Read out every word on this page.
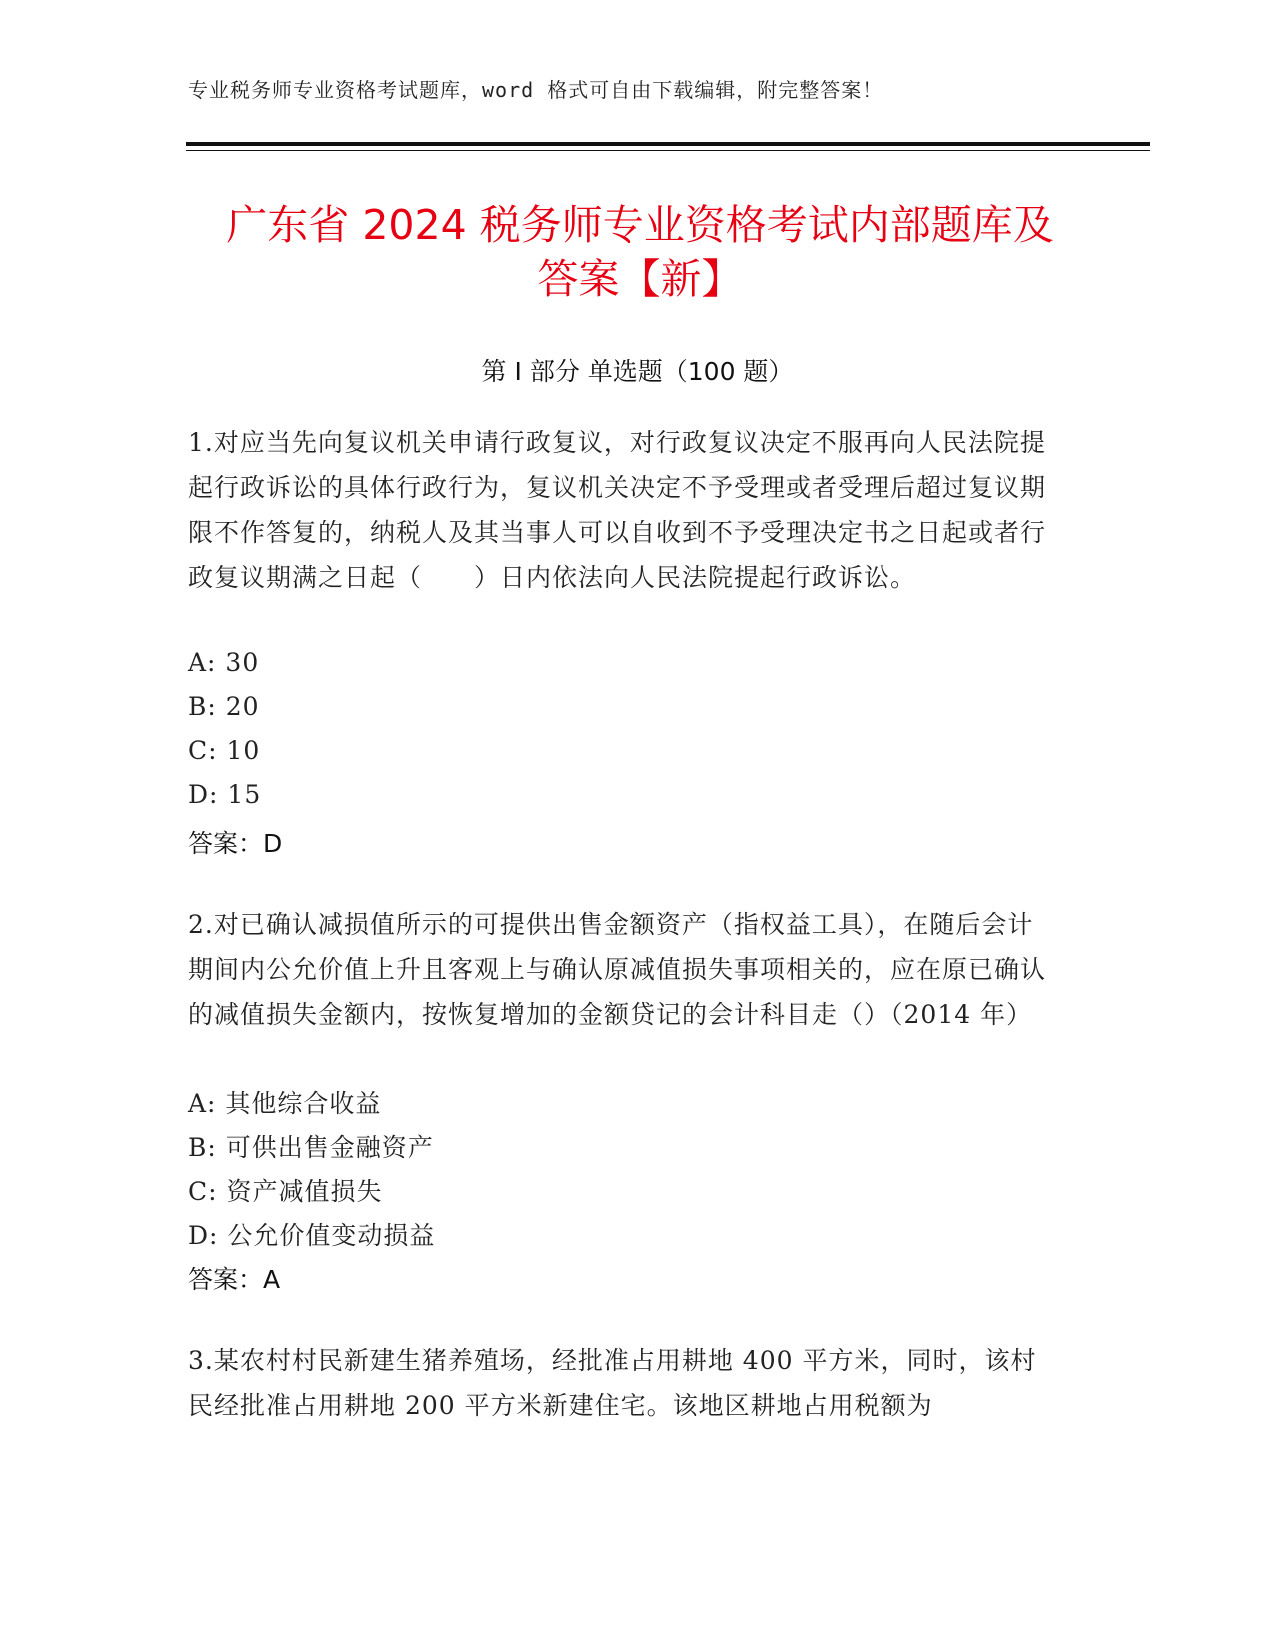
专业税务师专业资格考试题库，word 格式可自由下载编辑，附完整答案！
广东省 2024 税务师专业资格考试内部题库及
答案【新】
第 I 部分 单选题（100 题）
1.对应当先向复议机关申请行政复议，对行政复议决定不服再向人民法院提起行政诉讼的具体行政行为，复议机关决定不予受理或者受理后超过复议期限不作答复的，纳税人及其当事人可以自收到不予受理决定书之日起或者行政复议期满之日起（　　）日内依法向人民法院提起行政诉讼。
A: 30
B: 20
C: 10
D: 15
答案：D
2.对已确认减损值所示的可提供出售金额资产（指权益工具），在随后会计期间内公允价值上升且客观上与确认原减值损失事项相关的，应在原已确认的减值损失金额内，按恢复增加的金额贷记的会计科目走（）（2014 年）
A: 其他综合收益
B: 可供出售金融资产
C: 资产减值损失
D: 公允价值变动损益
答案：A
3.某农村村民新建生猪养殖场，经批准占用耕地 400 平方米，同时，该村民经批准占用耕地 200 平方米新建住宅。该地区耕地占用税额为
